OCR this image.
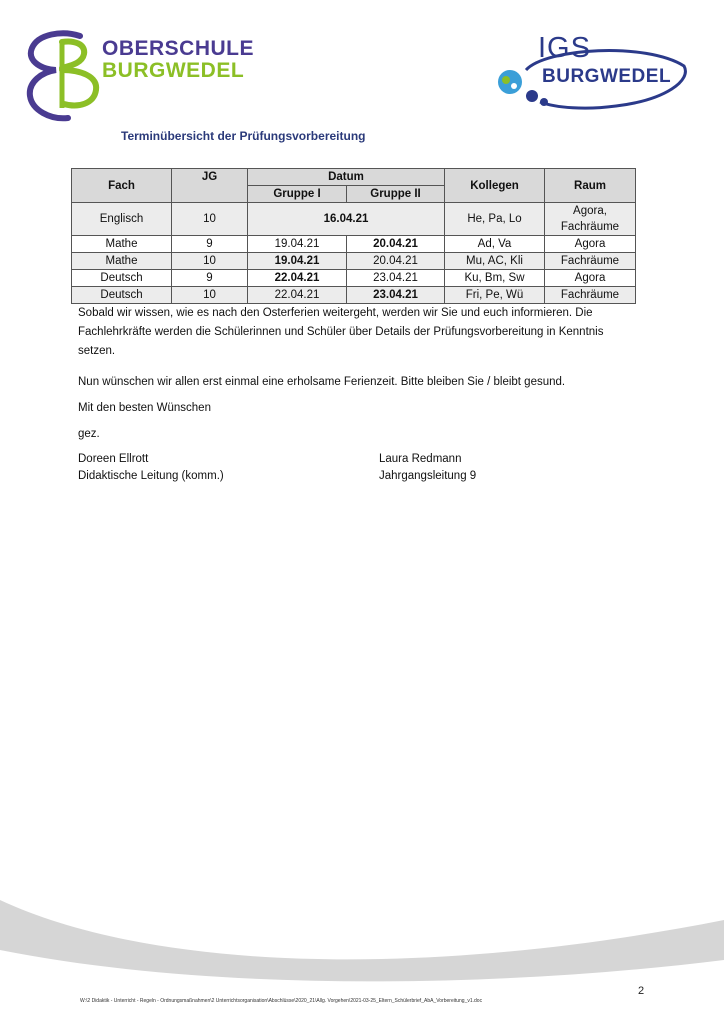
OBERSCHULE
BURGWEDEL
IGS
BURGWEDEL
Terminübersicht der Prüfungsvorbereitung
Fach	JG	Datum		Kollegen	Raum
		Gruppe I	Gruppe II		
Englisch	10	16.04.21		He, Pa, Lo	Agora, Fachräume
Mathe	9	19.04.21	20.04.21	Ad, Va	Agora
Mathe	10	19.04.21	20.04.21	Mu, AC, Kli	Fachräume
Deutsch	9	22.04.21	23.04.21	Ku, Bm, Sw	Agora
Deutsch	10	22.04.21	23.04.21	Fri, Pe, Wü	Fachräume
Sobald wir wissen, wie es nach den Osterferien weitergeht, werden wir Sie und euch informieren. Die Fachlehrkräfte werden die Schülerinnen und Schüler über Details der Prüfungsvorbereitung in Kenntnis setzen.
Nun wünschen wir allen erst einmal eine erholsame Ferienzeit. Bitte bleiben Sie / bleibt gesund.
Mit den besten Wünschen
gez.
Doreen Ellrott
Didaktische Leitung (komm.)
Laura Redmann
Jahrgangsleitung 9
2
W:\2 Didaktik - Unterricht - Regeln - Ordnungsmaßnahmen\2 Unterrichtsorganisation\Abschlüsse\2020_21\Allg. Vorgehen\2021-03-25_Eltern_Schülerbrief_AbA_Vorbereitung_v1.doc
